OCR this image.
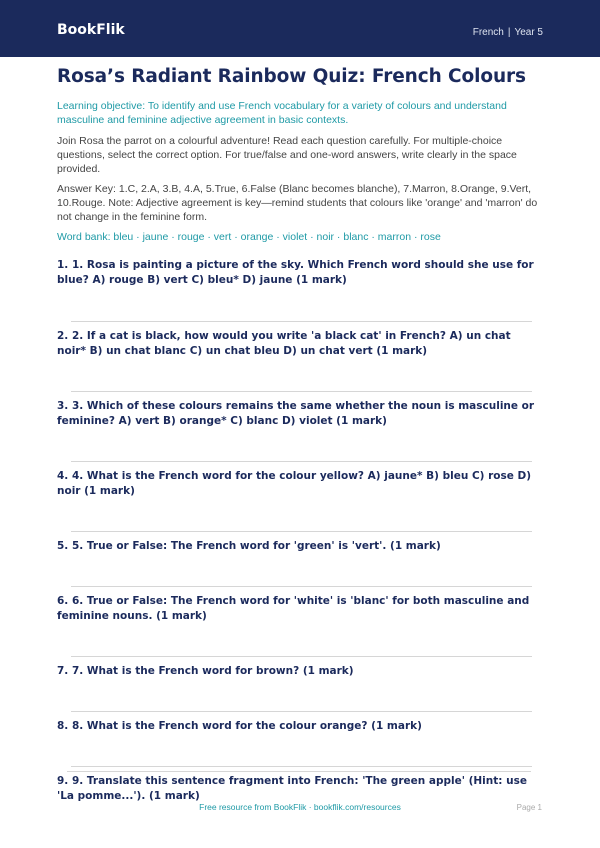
BookFlik	French | Year 5
Rosa’s Radiant Rainbow Quiz: French Colours

Learning objective: To identify and use French vocabulary for a variety of colours and understand masculine and feminine adjective agreement in basic contexts.

Join Rosa the parrot on a colourful adventure! Read each question carefully. For multiple-choice questions, select the correct option. For true/false and one-word answers, write clearly in the space provided.

Answer Key: 1.C, 2.A, 3.B, 4.A, 5.True, 6.False (Blanc becomes blanche), 7.Marron, 8.Orange, 9.Vert, 10.Rouge. Note: Adjective agreement is key—remind students that colours like 'orange' and 'marron' do not change in the feminine form.

Word bank: bleu · jaune · rouge · vert · orange · violet · noir · blanc · marron · rose

1. 1. Rosa is painting a picture of the sky. Which French word should she use for blue? A) rouge B) vert C) bleu* D) jaune (1 mark)

2. 2. If a cat is black, how would you write 'a black cat' in French? A) un chat noir* B) un chat blanc C) un chat bleu D) un chat vert (1 mark)

3. 3. Which of these colours remains the same whether the noun is masculine or feminine? A) vert B) orange* C) blanc D) violet (1 mark)

4. 4. What is the French word for the colour yellow? A) jaune* B) bleu C) rose D) noir (1 mark)

5. 5. True or False: The French word for 'green' is 'vert'. (1 mark)

6. 6. True or False: The French word for 'white' is 'blanc' for both masculine and feminine nouns. (1 mark)

7. 7. What is the French word for brown? (1 mark)

8. 8. What is the French word for the colour orange? (1 mark)

9. 9. Translate this sentence fragment into French: 'The green apple' (Hint: use 'La pomme...'). (1 mark)

Free resource from BookFlik · bookflik.com/resources	Page 1
